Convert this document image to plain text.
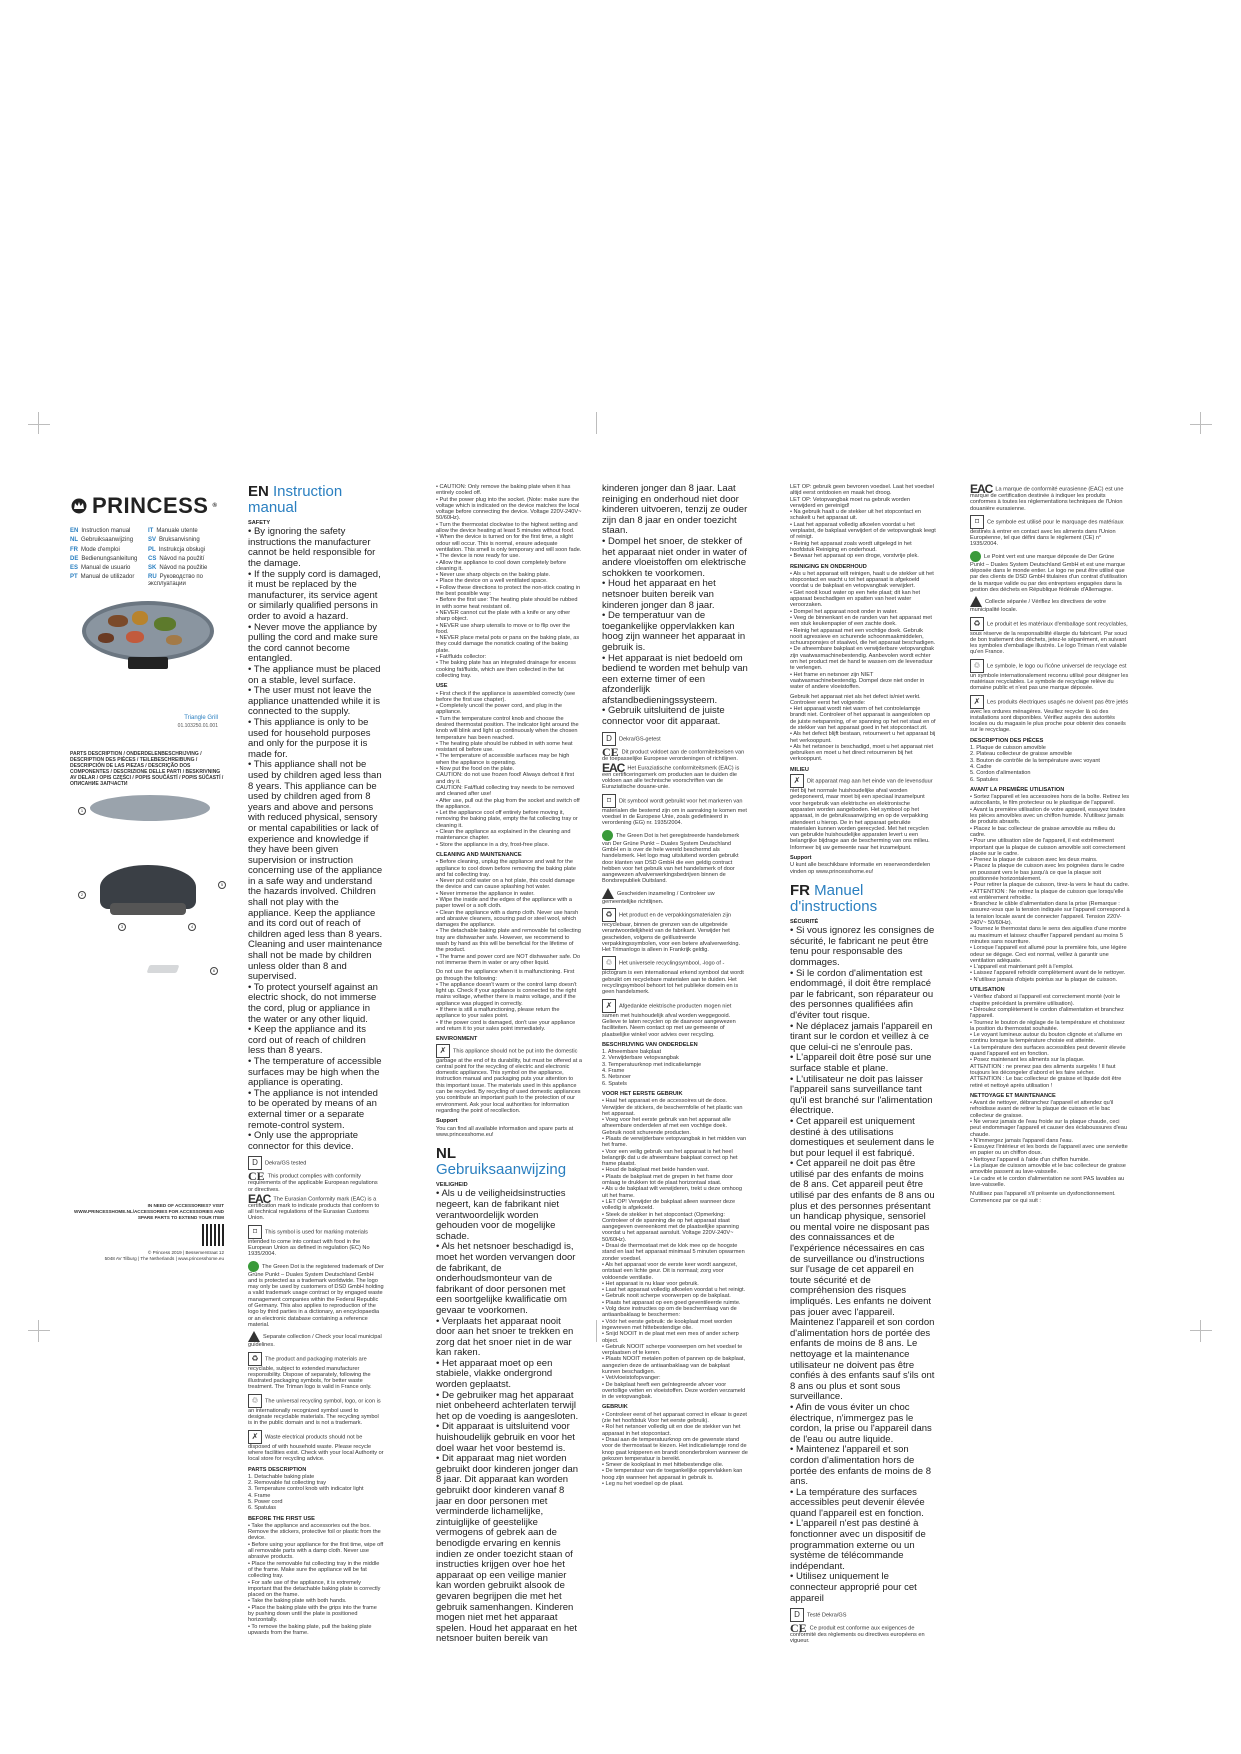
PRINCESS ®
EN Instruction manual	IT Manuale utente
NL Gebruiksaanwijzing	SV Bruksanvisning
FR Mode d'emploi	PL Instrukcja obsługi
DE Bedienungsanleitung	CS Návod na použití
ES Manual de usuario	SK Návod na použitie
PT Manual de utilizador	RU Руководство по эксплуатации
Triangle Grill
01.103250.01.001
PARTS DESCRIPTION / ONDERDELENBESCHRIJVING / DESCRIPTION DES PIÈCES / TEILEBESCHREIBUNG / DESCRIPCIÓN DE LAS PIEZAS / DESCRIÇÃO DOS COMPONENTES / DESCRIZIONE DELLE PARTI / BESKRIVNING AV DELAR / OPIS CZĘŚCI / POPIS SOUČÁSTÍ / POPIS SÚČASTÍ / ОПИСАНИЕ ЗАПЧАСТИ
1
2
3	4
5
6
IN NEED OF ACCESSORIES? VISIT
WWW.PRINCESSHOME.NL/ACCESSORIES FOR ACCESSORIES AND SPARE PARTS TO EXTEND YOUR ITEM
© Princess 2019 | Bessemerstraat 12
5048 AV Tilburg | The Netherlands | www.princesshome.eu
EN Instruction manual
SAFETY
• By ignoring the safety instructions the manufacturer cannot be held responsible for the damage.
• If the supply cord is damaged, it must be replaced by the manufacturer, its service agent or similarly qualified persons in order to avoid a hazard.
• Never move the appliance by pulling the cord and make sure the cord cannot become entangled.
• The appliance must be placed on a stable, level surface.
• The user must not leave the appliance unattended while it is connected to the supply.
• This appliance is only to be used for household purposes and only for the purpose it is made for.
• This appliance shall not be used by children aged less than 8 years. This appliance can be used by children aged from 8 years and above and persons with reduced physical, sensory or mental capabilities or lack of experience and knowledge if they have been given supervision or instruction concerning use of the appliance in a safe way and understand the hazards involved. Children shall not play with the appliance. Keep the appliance and its cord out of reach of children aged less than 8 years. Cleaning and user maintenance shall not be made by children unless older than 8 and supervised.
• To protect yourself against an electric shock, do not immerse the cord, plug or appliance in the water or any other liquid.
• Keep the appliance and its cord out of reach of children less than 8 years.
• The temperature of accessible surfaces may be high when the appliance is operating.
• The appliance is not intended to be operated by means of an external timer or a separate remote-control system.
• Only use the appropriate connector for this device.
D Dekra/GS tested
CE This product complies with conformity requirements of the applicable European regulations or directives.
EAC The Eurasian Conformity mark (EAC) is a certification mark to indicate products that conform to all technical regulations of the Eurasian Customs Union.
⌑ This symbol is used for marking materials intended to come into contact with food in the European Union as defined in regulation (EC) No 1935/2004.
The Green Dot is the registered trademark of Der Grüne Punkt – Duales System Deutschland GmbH and is protected as a trademark worldwide. The logo may only be used by customers of DSD GmbH holding a valid trademark usage contract or by engaged waste management companies within the Federal Republic of Germany. This also applies to reproduction of the logo by third parties in a dictionary, an encyclopaedia or an electronic database containing a reference material.
Separate collection / Check your local municipal guidelines.
♻ The product and packaging materials are recyclable, subject to extended manufacturer responsibility. Dispose of separately, following the illustrated packaging symbols, for better waste treatment. The Triman logo is valid in France only.
♲ The universal recycling symbol, logo, or icon is an internationally recognized symbol used to designate recyclable materials. The recycling symbol is in the public domain and is not a trademark.
✗ Waste electrical products should not be disposed of with household waste. Please recycle where facilities exist. Check with your local Authority or local store for recycling advice.
PARTS DESCRIPTION
1. Detachable baking plate
2. Removable fat collecting tray
3. Temperature control knob with indicator light
4. Frame
5. Power cord
6. Spatulas
BEFORE THE FIRST USE
• Take the appliance and accessories out the box. Remove the stickers, protective foil or plastic from the device.
• Before using your appliance for the first time, wipe off all removable parts with a damp cloth. Never use abrasive products.
• Place the removable fat collecting tray in the middle of the frame. Make sure the appliance will be fat collecting tray.
• For safe use of the appliance, it is extremely important that the detachable baking plate is correctly placed on the frame.
• Take the baking plate with both hands.
• Place the baking plate with the grips into the frame by pushing down until the plate is positioned horizontally.
• To remove the baking plate, pull the baking plate upwards from the frame.
• CAUTION: Only remove the baking plate when it has entirely cooled off.
• Put the power plug into the socket. (Note: make sure the voltage which is indicated on the device matches the local voltage before connecting the device. Voltage 220V-240V~ 50/60Hz).
• Turn the thermostat clockwise to the highest setting and allow the device heating at least 5 minutes without food.
• When the device is turned on for the first time, a slight odour will occur. This is normal, ensure adequate ventilation. This smell is only temporary and will soon fade.
• The device is now ready for use.
• Allow the appliance to cool down completely before cleaning it.
• Never use sharp objects on the baking plate.
• Place the device on a well ventilated space.
• Follow these directions to protect the non-stick coating in the best possible way:
• Before the first use: The heating plate should be rubbed in with some heat resistant oil.
• NEVER cannot cut the plate with a knife or any other sharp object.
• NEVER use sharp utensils to move or to flip over the food.
• NEVER place metal pots or pans on the baking plate, as they could damage the nonstick coating of the baking plate.
• Fat/fluids collector:
• The baking plate has an integrated drainage for excess cooking fat/fluids, which are then collected in the fat collecting tray.
USE
• First check if the appliance is assembled correctly (see before the first use chapter).
• Completely uncoil the power cord, and plug in the appliance.
• Turn the temperature control knob and choose the desired thermostat position. The indicator light around the knob will blink and light up continuously when the chosen temperature has been reached.
• The heating plate should be rubbed in with some heat resistant oil before use.
• The temperature of accessible surfaces may be high when the appliance is operating.
• Now put the food on the plate.
CAUTION: do not use frozen food! Always defrost it first and dry it.
CAUTION: Fat/fluid collecting tray needs to be removed and cleaned after use!
• After use, pull out the plug from the socket and switch off the appliance.
• Let the appliance cool off entirely before moving it, removing the baking plate, empty the fat collecting tray or cleaning it.
• Clean the appliance as explained in the cleaning and maintenance chapter.
• Store the appliance in a dry, frost-free place.
CLEANING AND MAINTENANCE
• Before cleaning, unplug the appliance and wait for the appliance to cool down before removing the baking plate and fat collecting tray.
• Never put cold water on a hot plate, this could damage the device and can cause splashing hot water.
• Never immerse the appliance in water.
• Wipe the inside and the edges of the appliance with a paper towel or a soft cloth.
• Clean the appliance with a damp cloth. Never use harsh and abrasive cleaners, scouring pad or steel wool, which damages the appliance.
• The detachable baking plate and removable fat collecting tray are dishwasher safe. However, we recommend to wash by hand as this will be beneficial for the lifetime of the product.
• The frame and power cord are NOT dishwasher safe. Do not immerse them in water or any other liquid.
Do not use the appliance when it is malfunctioning. First go through the following:
• The appliance doesn't warm or the control lamp doesn't light up. Check if your appliance is connected to the right mains voltage, whether there is mains voltage, and if the appliance was plugged in correctly.
• If there is still a malfunctioning, please return the appliance to your sales point.
• If the power cord is damaged, don't use your appliance and return it to your sales point immediately.
ENVIRONMENT
✗ This appliance should not be put into the domestic garbage at the end of its durability, but must be offered at a central point for the recycling of electric and electronic domestic appliances. This symbol on the appliance, instruction manual and packaging puts your attention to this important issue. The materials used in this appliance can be recycled. By recycling of used domestic appliances you contribute an important push to the protection of our environment. Ask your local authorities for information regarding the point of recollection.
Support
You can find all available information and spare parts at www.princesshome.eu!
NL Gebruiksaanwijzing
VEILIGHEID
• Als u de veiligheidsinstructies negeert, kan de fabrikant niet verantwoordelijk worden gehouden voor de mogelijke schade.
• Als het netsnoer beschadigd is, moet het worden vervangen door de fabrikant, de onderhoudsmonteur van de fabrikant of door personen met een soortgelijke kwalificatie om gevaar te voorkomen.
• Verplaats het apparaat nooit door aan het snoer te trekken en zorg dat het snoer niet in de war kan raken.
• Het apparaat moet op een stabiele, vlakke ondergrond worden geplaatst.
• De gebruiker mag het apparaat niet onbeheerd achterlaten terwijl het op de voeding is aangesloten.
• Dit apparaat is uitsluitend voor huishoudelijk gebruik en voor het doel waar het voor bestemd is.
• Dit apparaat mag niet worden gebruikt door kinderen jonger dan 8 jaar. Dit apparaat kan worden gebruikt door kinderen vanaf 8 jaar en door personen met verminderde lichamelijke, zintuiglijke of geestelijke vermogens of gebrek aan de benodigde ervaring en kennis indien ze onder toezicht staan of instructies krijgen over hoe het apparaat op een veilige manier kan worden gebruikt alsook de gevaren begrijpen die met het gebruik samenhangen. Kinderen mogen niet met het apparaat spelen. Houd het apparaat en het netsnoer buiten bereik van
kinderen jonger dan 8 jaar. Laat reiniging en onderhoud niet door kinderen uitvoeren, tenzij ze ouder zijn dan 8 jaar en onder toezicht staan.
• Dompel het snoer, de stekker of het apparaat niet onder in water of andere vloeistoffen om elektrische schokken te voorkomen.
• Houd het apparaat en het netsnoer buiten bereik van kinderen jonger dan 8 jaar.
• De temperatuur van de toegankelijke oppervlakken kan hoog zijn wanneer het apparaat in gebruik is.
• Het apparaat is niet bedoeld om bediend te worden met behulp van een externe timer of een afzonderlijk afstandbedieningssysteem.
• Gebruik uitsluitend de juiste connector voor dit apparaat.
D Dekra/GS-getest
CE Dit product voldoet aan de conformiteitseisen van de toepasselijke Europese verordeningen of richtlijnen.
EAC Het Euraziatische conformiteitsmerk (EAC) is een certificeringsmerk om producten aan te duiden die voldoen aan alle technische voorschriften van de Euraziatische douane-unie.
⌑ Dit symbool wordt gebruikt voor het markeren van materialen die bestemd zijn om in aanraking te komen met voedsel in de Europese Unie, zoals gedefinieerd in verordening (EG) nr. 1935/2004.
The Green Dot is het geregistreerde handelsmerk van Der Grüne Punkt – Duales System Deutschland GmbH en is over de hele wereld beschermd als handelsmerk. Het logo mag uitsluitend worden gebruikt door klanten van DSD GmbH die een geldig contract hebben voor het gebruik van het handelsmerk of door aangewezen afvalverwerkingsbedrijven binnen de Bondsrepubliek Duitsland.
Gescheiden inzameling / Controleer uw gemeentelijke richtlijnen.
♻ Het product en de verpakkingsmaterialen zijn recyclebaar, binnen de grenzen van de uitgebreide verantwoordelijkheid van de fabrikant. Verwijder het gescheiden, volgens de geïllustreerde verpakkingssymbolen, voor een betere afvalverwerking. Het Trimanlogo is alleen in Frankrijk geldig.
♲ Het universele recyclingsymbool, -logo of -pictogram is een internationaal erkend symbool dat wordt gebruikt om recyclebare materialen aan te duiden. Het recyclingsymbool behoort tot het publieke domein en is geen handelsmerk.
✗ Afgedankte elektrische producten mogen niet samen met huishoudelijk afval worden weggegooid. Gelieve te laten recyclen op de daarvoor aangewezen faciliteiten. Neem contact op met uw gemeente of plaatselijke winkel voor advies over recycling.
BESCHRIJVING VAN ONDERDELEN
1. Afneembare bakplaat
2. Verwijderbare vetopvangbak
3. Temperatuurknop met indicatielampje
4. Frame
5. Netsnoer
6. Spatels
VOOR HET EERSTE GEBRUIK
• Haal het apparaat en de accessoires uit de doos. Verwijder de stickers, de beschermfolie of het plastic van het apparaat.
• Voeg voor het eerste gebruik van het apparaat alle afneembare onderdelen af met een vochtige doek. Gebruik nooit schurende producten.
• Plaats de verwijderbare vetopvangbak in het midden van het frame.
• Voor een veilig gebruik van het apparaat is het heel belangrijk dat u de afneembare bakplaat correct op het frame plaatst.
• Houd de bakplaat met beide handen vast.
• Plaats de bakplaat met de grepen in het frame door omlaag te drukken tot de plaat horizontaal staat.
• Als u de bakplaat wilt verwijderen, trekt u deze omhoog uit het frame.
• LET OP! Verwijder de bakplaat alleen wanneer deze volledig is afgekoeld.
• Steek de stekker in het stopcontact (Opmerking: Controleer of de spanning die op het apparaat staat aangegeven overeenkomt met de plaatselijke spanning voordat u het apparaat aansluit. Voltage 220V-240V~ 50/60Hz).
• Draai de thermostaat met de klok mee op de hoogste stand en laat het apparaat minimaal 5 minuten opwarmen zonder voedsel.
• Als het apparaat voor de eerste keer wordt aangezet, ontstaat een lichte geur. Dit is normaal; zorg voor voldoende ventilatie.
• Het apparaat is nu klaar voor gebruik.
• Laat het apparaat volledig afkoelen voordat u het reinigt.
• Gebruik nooit scherpe voorwerpen op de bakplaat.
• Plaats het apparaat op een goed geventileerde ruimte.
• Volg deze instructies op om de beschermlaag van de antiaanbaklaag te beschermen:
• Vóór het eerste gebruik: de kookplaat moet worden ingewreven met hittebestendige olie.
• Snijd NOOIT in de plaat met een mes of ander scherp object.
• Gebruik NOOIT scherpe voorwerpen om het voedsel te verplaatsen of te keren.
• Plaats NOOIT metalen potten of pannen op de bakplaat, aangezien deze de antiaanbaklaag van de bakplaat kunnen beschadigen.
• Vet/vloeistofopvanger:
• De bakplaat heeft een geïntegreerde afvoer voor overtollige vetten en vloeistoffen. Deze worden verzameld in de vetopvangbak.
GEBRUIK
• Controleer eerst of het apparaat correct in elkaar is gezet (zie het hoofdstuk Voor het eerste gebruik).
• Rol het netsnoer volledig uit en doe de stekker van het apparaat in het stopcontact.
• Draai aan de temperatuurknop om de gewenste stand voor de thermostaat te kiezen. Het indicatielampje rond de knop gaat knipperen en brandt ononderbroken wanneer de gekozen temperatuur is bereikt.
• Smeer de kookplaat in met hittebestendige olie.
• De temperatuur van de toegankelijke oppervlakken kan hoog zijn wanneer het apparaat in gebruik is.
• Leg nu het voedsel op de plaat.
LET OP: gebruik geen bevroren voedsel. Laat het voedsel altijd eerst ontdooien en maak het droog.
LET OP: Vetopvangbak moet na gebruik worden verwijderd en gereinigd!
• Na gebruik haalt u de stekker uit het stopcontact en schakelt u het apparaat uit.
• Laat het apparaat volledig afkoelen voordat u het verplaatst, de bakplaat verwijdert of de vetopvangbak leegt of reinigt.
• Reinig het apparaat zoals wordt uitgelegd in het hoofdstuk Reiniging en onderhoud.
• Bewaar het apparaat op een droge, vorstvrije plek.
REINIGING EN ONDERHOUD
• Als u het apparaat wilt reinigen, haalt u de stekker uit het stopcontact en wacht u tot het apparaat is afgekoeld voordat u de bakplaat en vetopvangbak verwijdert.
• Giet nooit koud water op een hete plaat; dit kan het apparaat beschadigen en spatten van heet water veroorzaken.
• Dompel het apparaat nooit onder in water.
• Veeg de binnenkant en de randen van het apparaat met een stuk keukenpapier of een zachte doek.
• Reinig het apparaat met een vochtige doek. Gebruik nooit agressieve en schurende schoonmaakmiddelen, schuursponsjes of staalwol, die het apparaat beschadigen.
• De afneembare bakplaat en verwijderbare vetopvangbak zijn vaatwasmachinebestendig. Aanbevolen wordt echter om het product met de hand te wassen om de levensduur te verlengen.
• Het frame en netsnoer zijn NIET vaatwasmachinebestendig. Dompel deze niet onder in water of andere vloeistoffen.
Gebruik het apparaat niet als het defect is/niet werkt. Controleer eerst het volgende:
• Het apparaat wordt niet warm of het controlelampje brandt niet. Controleer of het apparaat is aangesloten op de juiste netspanning, of er spanning op het net staat en of de stekker van het apparaat goed in het stopcontact zit.
• Als het defect blijft bestaan, retourneert u het apparaat bij het verkooppunt.
• Als het netsnoer is beschadigd, moet u het apparaat niet gebruiken en moet u het direct retourneren bij het verkooppunt.
MILIEU
✗ Dit apparaat mag aan het einde van de levensduur niet bij het normale huishoudelijke afval worden gedeponeerd, maar moet bij een speciaal inzamelpunt voor hergebruik van elektrische en elektronische apparaten worden aangeboden. Het symbool op het apparaat, in de gebruiksaanwijzing en op de verpakking attendeert u hierop. De in het apparaat gebruikte materialen kunnen worden gerecycled. Met het recyclen van gebruikte huishoudelijke apparaten levert u een belangrijke bijdrage aan de bescherming van ons milieu. Informeer bij uw gemeente naar het inzamelpunt.
Support
U kunt alle beschikbare informatie en reserveonderdelen vinden op www.princesshome.eu!
FR Manuel d'instructions
SÉCURITÉ
• Si vous ignorez les consignes de sécurité, le fabricant ne peut être tenu pour responsable des dommages.
• Si le cordon d'alimentation est endommagé, il doit être remplacé par le fabricant, son réparateur ou des personnes qualifiées afin d'éviter tout risque.
• Ne déplacez jamais l'appareil en tirant sur le cordon et veillez à ce que celui-ci ne s'enroule pas.
• L'appareil doit être posé sur une surface stable et plane.
• L'utilisateur ne doit pas laisser l'appareil sans surveillance tant qu'il est branché sur l'alimentation électrique.
• Cet appareil est uniquement destiné à des utilisations domestiques et seulement dans le but pour lequel il est fabriqué.
• Cet appareil ne doit pas être utilisé par des enfants de moins de 8 ans. Cet appareil peut être utilisé par des enfants de 8 ans ou plus et des personnes présentant un handicap physique, sensoriel ou mental voire ne disposant pas des connaissances et de l'expérience nécessaires en cas de surveillance ou d'instructions sur l'usage de cet appareil en toute sécurité et de compréhension des risques impliqués. Les enfants ne doivent pas jouer avec l'appareil. Maintenez l'appareil et son cordon d'alimentation hors de portée des enfants de moins de 8 ans. Le nettoyage et la maintenance utilisateur ne doivent pas être confiés à des enfants sauf s'ils ont 8 ans ou plus et sont sous surveillance.
• Afin de vous éviter un choc électrique, n'immergez pas le cordon, la prise ou l'appareil dans de l'eau ou autre liquide.
• Maintenez l'appareil et son cordon d'alimentation hors de portée des enfants de moins de 8 ans.
• La température des surfaces accessibles peut devenir élevée quand l'appareil est en fonction.
• L'appareil n'est pas destiné à fonctionner avec un dispositif de programmation externe ou un système de télécommande indépendant.
• Utilisez uniquement le connecteur approprié pour cet appareil
D Testé Dekra/GS
CE Ce produit est conforme aux exigences de conformité des règlements ou directives européens en vigueur.
EAC La marque de conformité eurasienne (EAC) est une marque de certification destinée à indiquer les produits conformes à toutes les réglementations techniques de l'Union douanière eurasienne.
⌑ Ce symbole est utilisé pour le marquage des matériaux destinés à entrer en contact avec les aliments dans l'Union Européenne, tel que défini dans le règlement (CE) n° 1935/2004.
Le Point vert est une marque déposée de Der Grüne Punkt – Duales System Deutschland GmbH et est une marque déposée dans le monde entier. Le logo ne peut être utilisé que par des clients de DSD GmbH titulaires d'un contrat d'utilisation de la marque valide ou par des entreprises engagées dans la gestion des déchets en République fédérale d'Allemagne.
Collecte séparée / Vérifiez les directives de votre municipalité locale.
♻ Le produit et les matériaux d'emballage sont recyclables, sous réserve de la responsabilité élargie du fabricant. Par souci de bon traitement des déchets, jetez-le séparément, en suivant les symboles d'emballage illustrés. Le logo Triman n'est valable qu'en France.
♲ Le symbole, le logo ou l'icône universel de recyclage est un symbole internationalement reconnu utilisé pour désigner les matériaux recyclables. Le symbole de recyclage relève du domaine public et n'est pas une marque déposée.
✗ Les produits électriques usagés ne doivent pas être jetés avec les ordures ménagères. Veuillez recycler là où des installations sont disponibles. Vérifiez auprès des autorités locales ou du magasin le plus proche pour obtenir des conseils sur le recyclage.
DESCRIPTION DES PIÈCES
1. Plaque de cuisson amovible
2. Plateau collecteur de graisse amovible
3. Bouton de contrôle de la température avec voyant
4. Cadre
5. Cordon d'alimentation
6. Spatules
AVANT LA PREMIÈRE UTILISATION
• Sortez l'appareil et les accessoires hors de la boîte. Retirez les autocollants, le film protecteur ou le plastique de l'appareil.
• Avant la première utilisation de votre appareil, essuyez toutes les pièces amovibles avec un chiffon humide. N'utilisez jamais de produits abrasifs.
• Placez le bac collecteur de graisse amovible au milieu du cadre.
• Pour une utilisation sûre de l'appareil, il est extrêmement important que la plaque de cuisson amovible soit correctement placée sur le cadre.
• Prenez la plaque de cuisson avec les deux mains.
• Placez la plaque de cuisson avec les poignées dans le cadre en poussant vers le bas jusqu'à ce que la plaque soit positionnée horizontalement.
• Pour retirer la plaque de cuisson, tirez-la vers le haut du cadre.
• ATTENTION : Ne retirez la plaque de cuisson que lorsqu'elle est entièrement refroidie.
• Branchez le câble d'alimentation dans la prise (Remarque : assurez-vous que la tension indiquée sur l'appareil correspond à la tension locale avant de connecter l'appareil. Tension 220V-240V~ 50/60Hz).
• Tournez le thermostat dans le sens des aiguilles d'une montre au maximum et laissez chauffer l'appareil pendant au moins 5 minutes sans nourriture.
• Lorsque l'appareil est allumé pour la première fois, une légère odeur se dégage. Ceci est normal, veillez à garantir une ventilation adéquate.
• L'appareil est maintenant prêt à l'emploi.
• Laissez l'appareil refroidir complètement avant de le nettoyer.
• N'utilisez jamais d'objets pointus sur la plaque de cuisson.
UTILISATION
• Vérifiez d'abord si l'appareil est correctement monté (voir le chapitre précédant la première utilisation).
• Déroulez complètement le cordon d'alimentation et branchez l'appareil.
• Tournez le bouton de réglage de la température et choisissez la position du thermostat souhaitée.
• Le voyant lumineux autour du bouton clignote et s'allume en continu lorsque la température choisie est atteinte.
• La température des surfaces accessibles peut devenir élevée quand l'appareil est en fonction.
• Posez maintenant les aliments sur la plaque.
ATTENTION : ne prenez pas des aliments surgelés ! Il faut toujours les décongeler d'abord et les faire sécher.
ATTENTION : Le bac collecteur de graisse et liquide doit être retiré et nettoyé après utilisation !
NETTOYAGE ET MAINTENANCE
• Avant de nettoyer, débranchez l'appareil et attendez qu'il refroidisse avant de retirer la plaque de cuisson et le bac collecteur de graisse.
• Ne versez jamais de l'eau froide sur la plaque chaude, ceci peut endommager l'appareil et causer des éclaboussures d'eau chaude.
• N'immergez jamais l'appareil dans l'eau.
• Essuyez l'intérieur et les bords de l'appareil avec une serviette en papier ou un chiffon doux.
• Nettoyez l'appareil à l'aide d'un chiffon humide.
• La plaque de cuisson amovible et le bac collecteur de graisse amovible passent au lave-vaisselle.
• Le cadre et le cordon d'alimentation ne sont PAS lavables au lave-vaisselle.
N'utilisez pas l'appareil s'il présente un dysfonctionnement. Commencez par ce qui suit :
